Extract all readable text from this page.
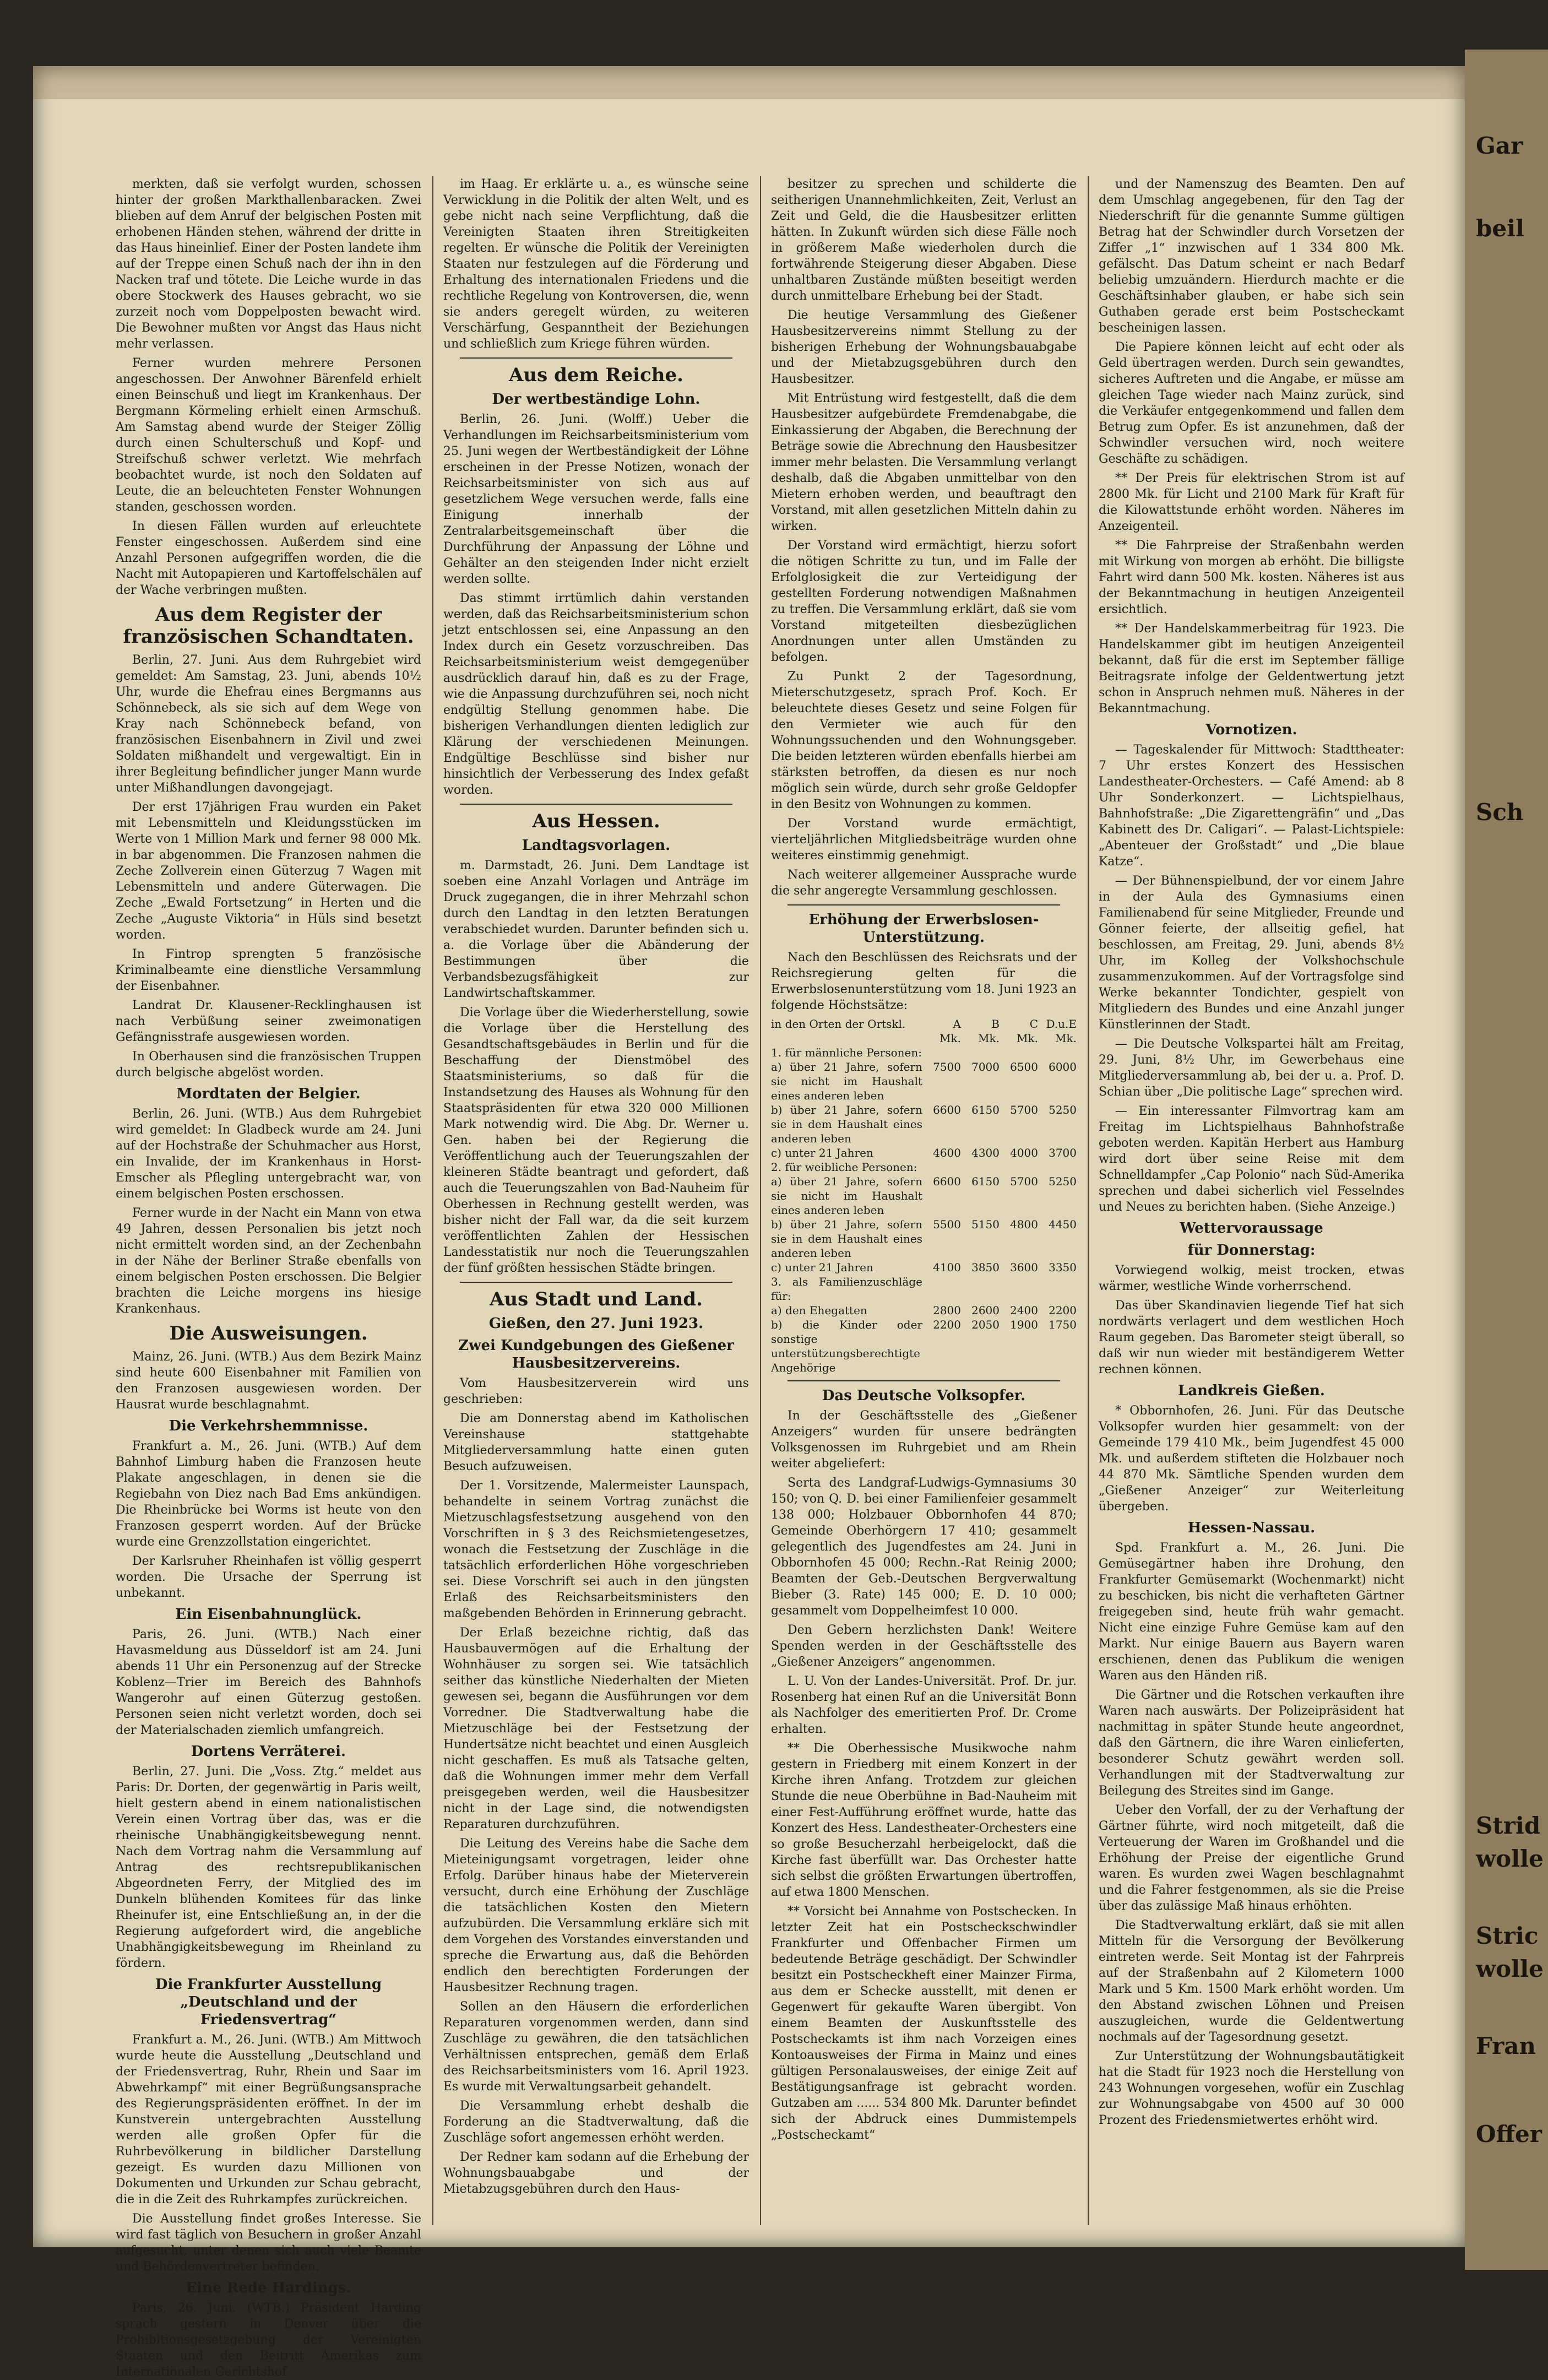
merkten, daß sie verfolgt wurden, schossen hinter der großen Markthallenbaracken. Zwei blieben auf dem Anruf der belgischen Posten mit erhobenen Händen stehen, während der dritte in das Haus hineinlief. Einer der Posten landete ihm auf der Treppe einen Schuß nach der ihn in den Nacken traf und tötete. Die Leiche wurde in das obere Stockwerk des Hauses gebracht, wo sie zurzeit noch vom Doppelposten bewacht wird. Die Bewohner mußten vor Angst das Haus nicht mehr verlassen.

Ferner wurden mehrere Personen angeschossen. Der Anwohner Bärenfeld erhielt einen Beinschuß und liegt im Krankenhaus. Der Bergmann Körmeling erhielt einen Armschuß. Am Samstag abend wurde der Steiger Zöllig durch einen Schulterschuß und Kopf- und Streifschuß schwer verletzt. Wie mehrfach beobachtet wurde, ist noch den Soldaten auf Leute, die an beleuchteten Fenster Wohnungen standen, geschossen worden.

In diesen Fällen wurden auf erleuchtete Fenster eingeschossen. Außerdem sind eine Anzahl Personen aufgegriffen worden, die die Nacht mit Autopapieren und Kartoffelschälen auf der Wache verbringen mußten.

Aus dem Register der französischen Schandtaten.

Berlin, 27. Juni. Aus dem Ruhrgebiet wird gemeldet: Am Samstag, 23. Juni, abends 10½ Uhr, wurde die Ehefrau eines Bergmanns aus Schönnebeck, als sie sich auf dem Wege von Kray nach Schönnebeck befand, von französischen Eisenbahnern in Zivil und zwei Soldaten mißhandelt und vergewaltigt. Ein in ihrer Begleitung befindlicher junger Mann wurde unter Mißhandlungen davongejagt.

Der erst 17jährigen Frau wurden ein Paket mit Lebensmitteln und Kleidungsstücken im Werte von 1 Million Mark und ferner 98 000 Mk. in bar abgenommen. Die Franzosen nahmen die Zeche Zollverein einen Güterzug 7 Wagen mit Lebensmitteln und andere Güterwagen. Die Zeche „Ewald Fortsetzung“ in Herten und die Zeche „Auguste Viktoria“ in Hüls sind besetzt worden.

In Fintrop sprengten 5 französische Kriminalbeamte eine dienstliche Versammlung der Eisenbahner.

Landrat Dr. Klausener-Recklinghausen ist nach Verbüßung seiner zweimonatigen Gefängnisstrafe ausgewiesen worden.

In Oberhausen sind die französischen Truppen durch belgische abgelöst worden.

Mordtaten der Belgier.

Berlin, 26. Juni. (WTB.) Aus dem Ruhrgebiet wird gemeldet: In Gladbeck wurde am 24. Juni auf der Hochstraße der Schuhmacher aus Horst, ein Invalide, der im Krankenhaus in Horst-Emscher als Pflegling untergebracht war, von einem belgischen Posten erschossen.

Ferner wurde in der Nacht ein Mann von etwa 49 Jahren, dessen Personalien bis jetzt noch nicht ermittelt worden sind, an der Zechenbahn in der Nähe der Berliner Straße ebenfalls von einem belgischen Posten erschossen. Die Belgier brachten die Leiche morgens ins hiesige Krankenhaus.

Die Ausweisungen.

Mainz, 26. Juni. (WTB.) Aus dem Bezirk Mainz sind heute 600 Eisenbahner mit Familien von den Franzosen ausgewiesen worden. Der Hausrat wurde beschlagnahmt.

Die Verkehrshemmnisse.

Frankfurt a. M., 26. Juni. (WTB.) Auf dem Bahnhof Limburg haben die Franzosen heute Plakate angeschlagen, in denen sie die Regiebahn von Diez nach Bad Ems ankündigen. Die Rheinbrücke bei Worms ist heute von den Franzosen gesperrt worden. Auf der Brücke wurde eine Grenzzollstation eingerichtet.

Der Karlsruher Rheinhafen ist völlig gesperrt worden. Die Ursache der Sperrung ist unbekannt.

Ein Eisenbahnunglück.

Paris, 26. Juni. (WTB.) Nach einer Havasmeldung aus Düsseldorf ist am 24. Juni abends 11 Uhr ein Personenzug auf der Strecke Koblenz—Trier im Bereich des Bahnhofs Wangerohr auf einen Güterzug gestoßen. Personen seien nicht verletzt worden, doch sei der Materialschaden ziemlich umfangreich.

Dortens Verräterei.

Berlin, 27. Juni. Die „Voss. Ztg.“ meldet aus Paris: Dr. Dorten, der gegenwärtig in Paris weilt, hielt gestern abend in einem nationalistischen Verein einen Vortrag über das, was er die rheinische Unabhängigkeitsbewegung nennt. Nach dem Vortrag nahm die Versammlung auf Antrag des rechtsrepublikanischen Abgeordneten Ferry, der Mitglied des im Dunkeln blühenden Komitees für das linke Rheinufer ist, eine Entschließung an, in der die Regierung aufgefordert wird, die angebliche Unabhängigkeitsbewegung im Rheinland zu fördern.

Die Frankfurter Ausstellung „Deutschland und der Friedensvertrag“

Frankfurt a. M., 26. Juni. (WTB.) Am Mittwoch wurde heute die Ausstellung „Deutschland und der Friedensvertrag, Ruhr, Rhein und Saar im Abwehrkampf“ mit einer Begrüßungsansprache des Regierungspräsidenten eröffnet. In der im Kunstverein untergebrachten Ausstellung werden alle großen Opfer für die Ruhrbevölkerung in bildlicher Darstellung gezeigt. Es wurden dazu Millionen von Dokumenten und Urkunden zur Schau gebracht, die in die Zeit des Ruhrkampfes zurückreichen.

Die Ausstellung findet großes Interesse. Sie wird fast täglich von Besuchern in großer Anzahl aufgesucht, unter denen sich auch viele Beamte und Behördenvertreter befinden.

Eine Rede Hardings.

Paris, 26. Juni. (WTB.) Präsident Harding sprach gestern in Denver über die Prohibitionsgesetzgebung der Vereinigten Staaten und den Beitritt Amerikas zum Internationalen Gerichtshof

im Haag. Er erklärte u. a., es wünsche seine Verwicklung in die Politik der alten Welt, und es gebe nicht nach seine Verpflichtung, daß die Vereinigten Staaten ihren Streitigkeiten regelten. Er wünsche die Politik der Vereinigten Staaten nur festzulegen auf die Förderung und Erhaltung des internationalen Friedens und die rechtliche Regelung von Kontroversen, die, wenn sie anders geregelt würden, zu weiteren Verschärfung, Gespanntheit der Beziehungen und schließlich zum Kriege führen würden.

Aus dem Reiche.
Der wertbeständige Lohn.

Berlin, 26. Juni. (Wolff.) Ueber die Verhandlungen im Reichsarbeitsministerium vom 25. Juni wegen der Wertbeständigkeit der Löhne erscheinen in der Presse Notizen, wonach der Reichsarbeitsminister von sich aus auf gesetzlichem Wege versuchen werde, falls eine Einigung innerhalb der Zentralarbeitsgemeinschaft über die Durchführung der Anpassung der Löhne und Gehälter an den steigenden Inder nicht erzielt werden sollte.

Das stimmt irrtümlich dahin verstanden werden, daß das Reichsarbeitsministerium schon jetzt entschlossen sei, eine Anpassung an den Index durch ein Gesetz vorzuschreiben. Das Reichsarbeitsministerium weist demgegenüber ausdrücklich darauf hin, daß es zu der Frage, wie die Anpassung durchzuführen sei, noch nicht endgültig Stellung genommen habe. Die bisherigen Verhandlungen dienten lediglich zur Klärung der verschiedenen Meinungen. Endgültige Beschlüsse sind bisher nur hinsichtlich der Verbesserung des Index gefaßt worden.

Aus Hessen.
Landtagsvorlagen.

m. Darmstadt, 26. Juni. Dem Landtage ist soeben eine Anzahl Vorlagen und Anträge im Druck zugegangen, die in ihrer Mehrzahl schon durch den Landtag in den letzten Beratungen verabschiedet wurden. Darunter befinden sich u. a. die Vorlage über die Abänderung der Bestimmungen über die Verbandsbezugsfähigkeit zur Landwirtschaftskammer.

Die Vorlage über die Wiederherstellung, sowie die Vorlage über die Herstellung des Gesandtschaftsgebäudes in Berlin und für die Beschaffung der Dienstmöbel des Staatsministeriums, so daß für die Instandsetzung des Hauses als Wohnung für den Staatspräsidenten für etwa 320 000 Millionen Mark notwendig wird. Die Abg. Dr. Werner u. Gen. haben bei der Regierung die Veröffentlichung auch der Teuerungszahlen der kleineren Städte beantragt und gefordert, daß auch die Teuerungszahlen von Bad-Nauheim für Oberhessen in Rechnung gestellt werden, was bisher nicht der Fall war, da die seit kurzem veröffentlichten Zahlen der Hessischen Landesstatistik nur noch die Teuerungszahlen der fünf größten hessischen Städte bringen.

Aus Stadt und Land.
Gießen, den 27. Juni 1923.
Zwei Kundgebungen des Gießener Hausbesitzervereins.

Vom Hausbesitzerverein wird uns geschrieben:

Die am Donnerstag abend im Katholischen Vereinshause stattgehabte Mitgliederversammlung hatte einen guten Besuch aufzuweisen.

Der 1. Vorsitzende, Malermeister Launspach, behandelte in seinem Vortrag zunächst die Mietzuschlagsfestsetzung ausgehend von den Vorschriften in § 3 des Reichsmietengesetzes, wonach die Festsetzung der Zuschläge in die tatsächlich erforderlichen Höhe vorgeschrieben sei. Diese Vorschrift sei auch in den jüngsten Erlaß des Reichsarbeitsministers den maßgebenden Behörden in Erinnerung gebracht.

Der Erlaß bezeichne richtig, daß das Hausbauvermögen auf die Erhaltung der Wohnhäuser zu sorgen sei. Wie tatsächlich seither das künstliche Niederhalten der Mieten gewesen sei, begann die Ausführungen vor dem Vorredner. Die Stadtverwaltung habe die Mietzuschläge bei der Festsetzung der Hundertsätze nicht beachtet und einen Ausgleich nicht geschaffen. Es muß als Tatsache gelten, daß die Wohnungen immer mehr dem Verfall preisgegeben werden, weil die Hausbesitzer nicht in der Lage sind, die notwendigsten Reparaturen durchzuführen.

Die Leitung des Vereins habe die Sache dem Mieteinigungsamt vorgetragen, leider ohne Erfolg. Darüber hinaus habe der Mieterverein versucht, durch eine Erhöhung der Zuschläge die tatsächlichen Kosten den Mietern aufzubürden. Die Versammlung erkläre sich mit dem Vorgehen des Vorstandes einverstanden und spreche die Erwartung aus, daß die Behörden endlich den berechtigten Forderungen der Hausbesitzer Rechnung tragen.

Sollen an den Häusern die erforderlichen Reparaturen vorgenommen werden, dann sind Zuschläge zu gewähren, die den tatsächlichen Verhältnissen entsprechen, gemäß dem Erlaß des Reichsarbeitsministers vom 16. April 1923. Es wurde mit Verwaltungsarbeit gehandelt.

Die Versammlung erhebt deshalb die Forderung an die Stadtverwaltung, daß die Zuschläge sofort angemessen erhöht werden.

Der Redner kam sodann auf die Erhebung der Wohnungsbauabgabe und der Mietabzugsgebühren durch den Haus-

besitzer zu sprechen und schilderte die seitherigen Unannehmlichkeiten, Zeit, Verlust an Zeit und Geld, die die Hausbesitzer erlitten hätten. In Zukunft würden sich diese Fälle noch in größerem Maße wiederholen durch die fortwährende Steigerung dieser Abgaben. Diese unhaltbaren Zustände müßten beseitigt werden durch unmittelbare Erhebung bei der Stadt.

Die heutige Versammlung des Gießener Hausbesitzervereins nimmt Stellung zu der bisherigen Erhebung der Wohnungsbauabgabe und der Mietabzugsgebühren durch den Hausbesitzer.

Mit Entrüstung wird festgestellt, daß die dem Hausbesitzer aufgebürdete Fremdenabgabe, die Einkassierung der Abgaben, die Berechnung der Beträge sowie die Abrechnung den Hausbesitzer immer mehr belasten. Die Versammlung verlangt deshalb, daß die Abgaben unmittelbar von den Mietern erhoben werden, und beauftragt den Vorstand, mit allen gesetzlichen Mitteln dahin zu wirken.

Der Vorstand wird ermächtigt, hierzu sofort die nötigen Schritte zu tun, und im Falle der Erfolglosigkeit die zur Verteidigung der gestellten Forderung notwendigen Maßnahmen zu treffen. Die Versammlung erklärt, daß sie vom Vorstand mitgeteilten diesbezüglichen Anordnungen unter allen Umständen zu befolgen.

Zu Punkt 2 der Tagesordnung, Mieterschutzgesetz, sprach Prof. Koch. Er beleuchtete dieses Gesetz und seine Folgen für den Vermieter wie auch für den Wohnungssuchenden und den Wohnungsgeber. Die beiden letzteren würden ebenfalls hierbei am stärksten betroffen, da diesen es nur noch möglich sein würde, durch sehr große Geldopfer in den Besitz von Wohnungen zu kommen.

Der Vorstand wurde ermächtigt, vierteljährlichen Mitgliedsbeiträge wurden ohne weiteres einstimmig genehmigt.

Nach weiterer allgemeiner Aussprache wurde die sehr angeregte Versammlung geschlossen.

Erhöhung der Erwerbslosen-Unterstützung.

Nach den Beschlüssen des Reichsrats und der Reichsregierung gelten für die Erwerbslosenunterstützung vom 18. Juni 1923 an folgende Höchstsätze:

in den Orten der Ortskl.	A	B	C	D.u.E
	Mk.	Mk.	Mk.	Mk.
1. für männliche Personen:				
a) über 21 Jahre, sofern sie nicht im Haushalt eines anderen leben	7500	7000	6500	6000
b) über 21 Jahre, sofern sie in dem Haushalt eines anderen leben	6600	6150	5700	5250
c) unter 21 Jahren	4600	4300	4000	3700
2. für weibliche Personen:				
a) über 21 Jahre, sofern sie nicht im Haushalt eines anderen leben	6600	6150	5700	5250
b) über 21 Jahre, sofern sie in dem Haushalt eines anderen leben	5500	5150	4800	4450
c) unter 21 Jahren	4100	3850	3600	3350
3. als Familienzuschläge für:				
a) den Ehegatten	2800	2600	2400	2200
b) die Kinder oder sonstige unterstützungsberechtigte Angehörige	2200	2050	1900	1750
Das Deutsche Volksopfer.

In der Geschäftsstelle des „Gießener Anzeigers“ wurden für unsere bedrängten Volksgenossen im Ruhrgebiet und am Rhein weiter abgeliefert:

Serta des Landgraf-Ludwigs-Gymnasiums 30 150; von Q. D. bei einer Familienfeier gesammelt 138 000; Holzbauer Obbornhofen 44 870; Gemeinde Oberhörgern 17 410; gesammelt gelegentlich des Jugendfestes am 24. Juni in Obbornhofen 45 000; Rechn.-Rat Reinig 2000; Beamten der Geb.-Deutschen Bergverwaltung Bieber (3. Rate) 145 000; E. D. 10 000; gesammelt vom Doppelheimfest 10 000.

Den Gebern herzlichsten Dank! Weitere Spenden werden in der Geschäftsstelle des „Gießener Anzeigers“ angenommen.

L. U. Von der Landes-Universität. Prof. Dr. jur. Rosenberg hat einen Ruf an die Universität Bonn als Nachfolger des emeritierten Prof. Dr. Crome erhalten.

** Die Oberhessische Musikwoche nahm gestern in Friedberg mit einem Konzert in der Kirche ihren Anfang. Trotzdem zur gleichen Stunde die neue Oberbühne in Bad-Nauheim mit einer Fest-Aufführung eröffnet wurde, hatte das Konzert des Hess. Landestheater-Orchesters eine so große Besucherzahl herbeigelockt, daß die Kirche fast überfüllt war. Das Orchester hatte sich selbst die größten Erwartungen übertroffen, auf etwa 1800 Menschen.

** Vorsicht bei Annahme von Postschecken. In letzter Zeit hat ein Postscheckschwindler Frankfurter und Offenbacher Firmen um bedeutende Beträge geschädigt. Der Schwindler besitzt ein Postscheckheft einer Mainzer Firma, aus dem er Schecke ausstellt, mit denen er Gegenwert für gekaufte Waren übergibt. Von einem Beamten der Auskunftsstelle des Postscheckamts ist ihm nach Vorzeigen eines Kontoausweises der Firma in Mainz und eines gültigen Personalausweises, der einige Zeit auf Bestätigungsanfrage ist gebracht worden. Gutzaben am ...... 534 800 Mk. Darunter befindet sich der Abdruck eines Dummistempels „Postscheckamt“

und der Namenszug des Beamten. Den auf dem Umschlag angegebenen, für den Tag der Niederschrift für die genannte Summe gültigen Betrag hat der Schwindler durch Vorsetzen der Ziffer „1“ inzwischen auf 1 334 800 Mk. gefälscht. Das Datum scheint er nach Bedarf beliebig umzuändern. Hierdurch machte er die Geschäftsinhaber glauben, er habe sich sein Guthaben gerade erst beim Postscheckamt bescheinigen lassen.

Die Papiere können leicht auf echt oder als Geld übertragen werden. Durch sein gewandtes, sicheres Auftreten und die Angabe, er müsse am gleichen Tage wieder nach Mainz zurück, sind die Verkäufer entgegenkommend und fallen dem Betrug zum Opfer. Es ist anzunehmen, daß der Schwindler versuchen wird, noch weitere Geschäfte zu schädigen.

** Der Preis für elektrischen Strom ist auf 2800 Mk. für Licht und 2100 Mark für Kraft für die Kilowattstunde erhöht worden. Näheres im Anzeigenteil.

** Die Fahrpreise der Straßenbahn werden mit Wirkung von morgen ab erhöht. Die billigste Fahrt wird dann 500 Mk. kosten. Näheres ist aus der Bekanntmachung in heutigen Anzeigenteil ersichtlich.

** Der Handelskammerbeitrag für 1923. Die Handelskammer gibt im heutigen Anzeigenteil bekannt, daß für die erst im September fällige Beitragsrate infolge der Geldentwertung jetzt schon in Anspruch nehmen muß. Näheres in der Bekanntmachung.

Vornotizen.

— Tageskalender für Mittwoch: Stadttheater: 7 Uhr erstes Konzert des Hessischen Landestheater-Orchesters. — Café Amend: ab 8 Uhr Sonderkonzert. — Lichtspielhaus, Bahnhofstraße: „Die Zigarettengräfin“ und „Das Kabinett des Dr. Caligari“. — Palast-Lichtspiele: „Abenteuer der Großstadt“ und „Die blaue Katze“.

— Der Bühnenspielbund, der vor einem Jahre in der Aula des Gymnasiums einen Familienabend für seine Mitglieder, Freunde und Gönner feierte, der allseitig gefiel, hat beschlossen, am Freitag, 29. Juni, abends 8½ Uhr, im Kolleg der Volkshochschule zusammenzukommen. Auf der Vortragsfolge sind Werke bekannter Tondichter, gespielt von Mitgliedern des Bundes und eine Anzahl junger Künstlerinnen der Stadt.

— Die Deutsche Volkspartei hält am Freitag, 29. Juni, 8½ Uhr, im Gewerbehaus eine Mitgliederversammlung ab, bei der u. a. Prof. D. Schian über „Die politische Lage“ sprechen wird.

— Ein interessanter Filmvortrag kam am Freitag im Lichtspielhaus Bahnhofstraße geboten werden. Kapitän Herbert aus Hamburg wird dort über seine Reise mit dem Schnelldampfer „Cap Polonio“ nach Süd-Amerika sprechen und dabei sicherlich viel Fesselndes und Neues zu berichten haben. (Siehe Anzeige.)

Wettervoraussage
für Donnerstag:

Vorwiegend wolkig, meist trocken, etwas wärmer, westliche Winde vorherrschend.

Das über Skandinavien liegende Tief hat sich nordwärts verlagert und dem westlichen Hoch Raum gegeben. Das Barometer steigt überall, so daß wir nun wieder mit beständigerem Wetter rechnen können.

Landkreis Gießen.

* Obbornhofen, 26. Juni. Für das Deutsche Volksopfer wurden hier gesammelt: von der Gemeinde 179 410 Mk., beim Jugendfest 45 000 Mk. und außerdem stifteten die Holzbauer noch 44 870 Mk. Sämtliche Spenden wurden dem „Gießener Anzeiger“ zur Weiterleitung übergeben.

Hessen-Nassau.

Spd. Frankfurt a. M., 26. Juni. Die Gemüsegärtner haben ihre Drohung, den Frankfurter Gemüsemarkt (Wochenmarkt) nicht zu beschicken, bis nicht die verhafteten Gärtner freigegeben sind, heute früh wahr gemacht. Nicht eine einzige Fuhre Gemüse kam auf den Markt. Nur einige Bauern aus Bayern waren erschienen, denen das Publikum die wenigen Waren aus den Händen riß.

Die Gärtner und die Rotschen verkauften ihre Waren nach auswärts. Der Polizeipräsident hat nachmittag in später Stunde heute angeordnet, daß den Gärtnern, die ihre Waren einlieferten, besonderer Schutz gewährt werden soll. Verhandlungen mit der Stadtverwaltung zur Beilegung des Streites sind im Gange.

Ueber den Vorfall, der zu der Verhaftung der Gärtner führte, wird noch mitgeteilt, daß die Verteuerung der Waren im Großhandel und die Erhöhung der Preise der eigentliche Grund waren. Es wurden zwei Wagen beschlagnahmt und die Fahrer festgenommen, als sie die Preise über das zulässige Maß hinaus erhöhten.

Die Stadtverwaltung erklärt, daß sie mit allen Mitteln für die Versorgung der Bevölkerung eintreten werde. Seit Montag ist der Fahrpreis auf der Straßenbahn auf 2 Kilometern 1000 Mark und 5 Km. 1500 Mark erhöht worden. Um den Abstand zwischen Löhnen und Preisen auszugleichen, wurde die Geldentwertung nochmals auf der Tagesordnung gesetzt.

Zur Unterstützung der Wohnungsbautätigkeit hat die Stadt für 1923 noch die Herstellung von 243 Wohnungen vorgesehen, wofür ein Zuschlag zur Wohnungsabgabe von 4500 auf 30 000 Prozent des Friedensmietwertes erhöht wird.

Gar
beil
Sch
Strid
wolle
Stric
wolle
Fran
Offer
